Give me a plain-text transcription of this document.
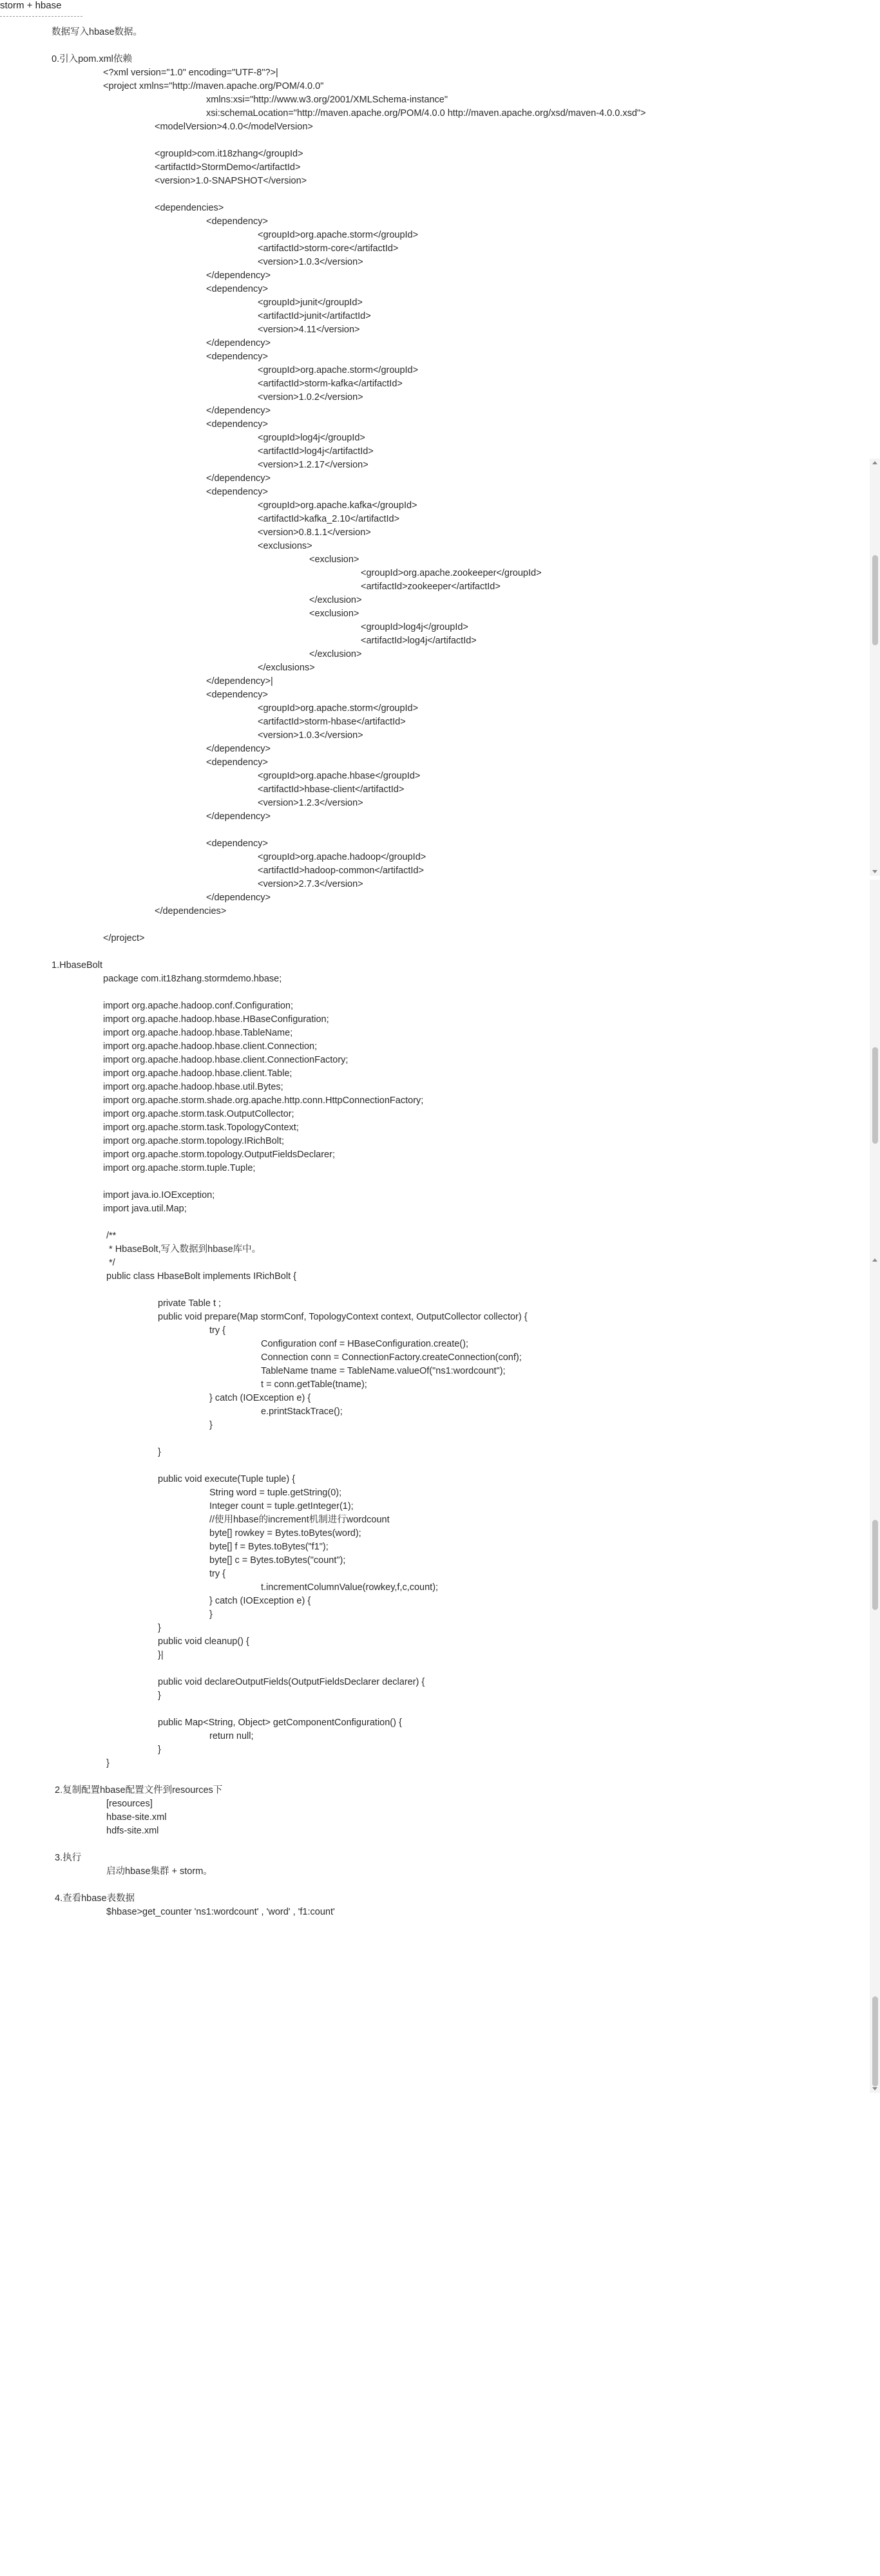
storm + hbase
数据写入hbase数据。
0.引入pom.xml依赖
<?xml version="1.0" encoding="UTF-8"?>|
<project xmlns="http://maven.apache.org/POM/4.0.0"
xmlns:xsi="http://www.w3.org/2001/XMLSchema-instance"
xsi:schemaLocation="http://maven.apache.org/POM/4.0.0 http://maven.apache.org/xsd/maven-4.0.0.xsd">
<modelVersion>4.0.0</modelVersion>
<groupId>com.it18zhang</groupId>
<artifactId>StormDemo</artifactId>
<version>1.0-SNAPSHOT</version>
<dependencies>
<dependency>
<groupId>org.apache.storm</groupId>
<artifactId>storm-core</artifactId>
<version>1.0.3</version>
</dependency>
<dependency>
<groupId>junit</groupId>
<artifactId>junit</artifactId>
<version>4.11</version>
</dependency>
<dependency>
<groupId>org.apache.storm</groupId>
<artifactId>storm-kafka</artifactId>
<version>1.0.2</version>
</dependency>
<dependency>
<groupId>log4j</groupId>
<artifactId>log4j</artifactId>
<version>1.2.17</version>
</dependency>
<dependency>
<groupId>org.apache.kafka</groupId>
<artifactId>kafka_2.10</artifactId>
<version>0.8.1.1</version>
<exclusions>
<exclusion>
<groupId>org.apache.zookeeper</groupId>
<artifactId>zookeeper</artifactId>
</exclusion>
<exclusion>
<groupId>log4j</groupId>
<artifactId>log4j</artifactId>
</exclusion>
</exclusions>
</dependency>|
<dependency>
<groupId>org.apache.storm</groupId>
<artifactId>storm-hbase</artifactId>
<version>1.0.3</version>
</dependency>
<dependency>
<groupId>org.apache.hbase</groupId>
<artifactId>hbase-client</artifactId>
<version>1.2.3</version>
</dependency>
<dependency>
<groupId>org.apache.hadoop</groupId>
<artifactId>hadoop-common</artifactId>
<version>2.7.3</version>
</dependency>
</dependencies>
</project>
1.HbaseBolt
package com.it18zhang.stormdemo.hbase;
import org.apache.hadoop.conf.Configuration;
import org.apache.hadoop.hbase.HBaseConfiguration;
import org.apache.hadoop.hbase.TableName;
import org.apache.hadoop.hbase.client.Connection;
import org.apache.hadoop.hbase.client.ConnectionFactory;
import org.apache.hadoop.hbase.client.Table;
import org.apache.hadoop.hbase.util.Bytes;
import org.apache.storm.shade.org.apache.http.conn.HttpConnectionFactory;
import org.apache.storm.task.OutputCollector;
import org.apache.storm.task.TopologyContext;
import org.apache.storm.topology.IRichBolt;
import org.apache.storm.topology.OutputFieldsDeclarer;
import org.apache.storm.tuple.Tuple;
import java.io.IOException;
import java.util.Map;
/**
* HbaseBolt,写入数据到hbase库中。
*/
public class HbaseBolt implements IRichBolt {
private Table t ;
public void prepare(Map stormConf, TopologyContext context, OutputCollector collector) {
try {
Configuration conf = HBaseConfiguration.create();
Connection conn = ConnectionFactory.createConnection(conf);
TableName tname = TableName.valueOf("ns1:wordcount");
t = conn.getTable(tname);
} catch (IOException e) {
e.printStackTrace();
}
}
public void execute(Tuple tuple) {
String word = tuple.getString(0);
Integer count = tuple.getInteger(1);
//使用hbase的increment机制进行wordcount
byte[] rowkey = Bytes.toBytes(word);
byte[] f = Bytes.toBytes("f1");
byte[] c = Bytes.toBytes("count");
try {
t.incrementColumnValue(rowkey,f,c,count);
} catch (IOException e) {
}
}
public void cleanup() {
}|
public void declareOutputFields(OutputFieldsDeclarer declarer) {
}
public Map<String, Object> getComponentConfiguration() {
return null;
}
}
2.复制配置hbase配置文件到resources下
[resources]
hbase-site.xml
hdfs-site.xml
3.执行
启动hbase集群 + storm。
4.查看hbase表数据
$hbase>get_counter 'ns1:wordcount' , 'word' , 'f1:count'
